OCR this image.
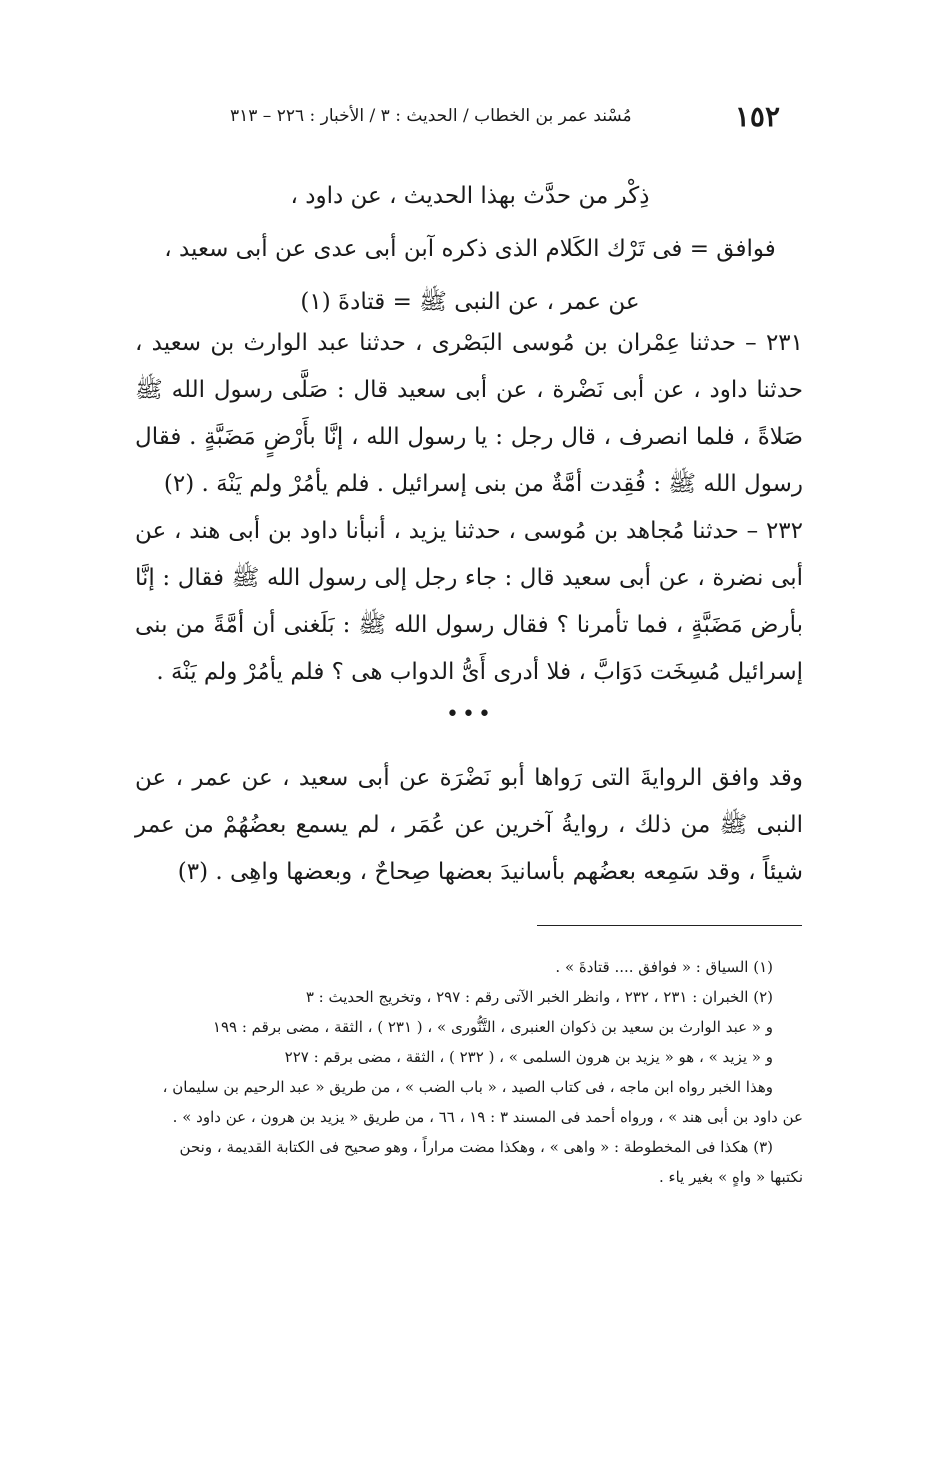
١٥٢
مُسْند عمر بن الخطاب / الحديث : ٣ / الأخبار : ٢٢٦ – ٣١٣
ذِكْر من حدَّث بهذا الحديث ، عن داود ،
فوافق = فى تَرْك الكَلام الذى ذكره آبن أبى عدى عن أبى سعيد ،
عن عمر ، عن النبى ﷺ = قتادةَ (١)
٢٣١ – حدثنا عِمْران بن مُوسى البَصْرى ، حدثنا عبد الوارث بن سعيد ، حدثنا داود ، عن أبى نَضْرة ، عن أبى سعيد قال : صَلَّى رسول الله ﷺ صَلاةً ، فلما انصرف ، قال رجل : يا رسول الله ، إنَّا بأَرْضٍ مَضَبَّةٍ . فقال رسول الله ﷺ : فُقِدت أمَّةٌ من بنى إسرائيل . فلم يأمُرْ ولم يَنْهَ . (٢)
٢٣٢ – حدثنا مُجاهد بن مُوسى ، حدثنا يزيد ، أنبأنا داود بن أبى هند ، عن أبى نضرة ، عن أبى سعيد قال : جاء رجل إلى رسول الله ﷺ فقال : إنَّا بأرض مَضَبَّةٍ ، فما تأمرنا ؟ فقال رسول الله ﷺ : بَلَغنى أن أمَّةً من بنى إسرائيل مُسِخَت دَوَابَّ ، فلا أدرى أَىُّ الدواب هى ؟ فلم يأمُرْ ولم يَنْهَ .
•••
وقد وافق الروايةَ التى رَواها أبو نَضْرَة عن أبى سعيد ، عن عمر ، عن النبى ﷺ من ذلك ، روايةُ آخرين عن عُمَر ، لم يسمع بعضُهُمْ من عمر شيئاً ، وقد سَمِعه بعضُهم بأسانيدَ بعضها صِحاحٌ ، وبعضها واهِى . (٣)
(١) السياق : « فوافق .... قتادةَ » .
(٢) الخبران : ٢٣١ ، ٢٣٢ ، وانظر الخبر الآتى رقم : ٢٩٧ ، وتخريج الحديث : ٣
و « عبد الوارث بن سعيد بن ذكوان العنبرى ، التَّنُّورى » ، ( ٢٣١ ) ، الثقة ، مضى برقم : ١٩٩
و « يزيد » ، هو « يزيد بن هرون السلمى » ، ( ٢٣٢ ) ، الثقة ، مضى برقم : ٢٢٧
وهذا الخبر رواه ابن ماجه ، فى كتاب الصيد ، « باب الضب » ، من طريق « عبد الرحيم بن سليمان ،
عن داود بن أبى هند » ، ورواه أحمد فى المسند ٣ : ١٩ ، ٦٦ ، من طريق « يزيد بن هرون ، عن داود » .
(٣) هكذا فى المخطوطة : « واهى » ، وهكذا مضت مراراً ، وهو صحيح فى الكتابة القديمة ، ونحن
نكتبها « واهٍ » بغير ياء .
